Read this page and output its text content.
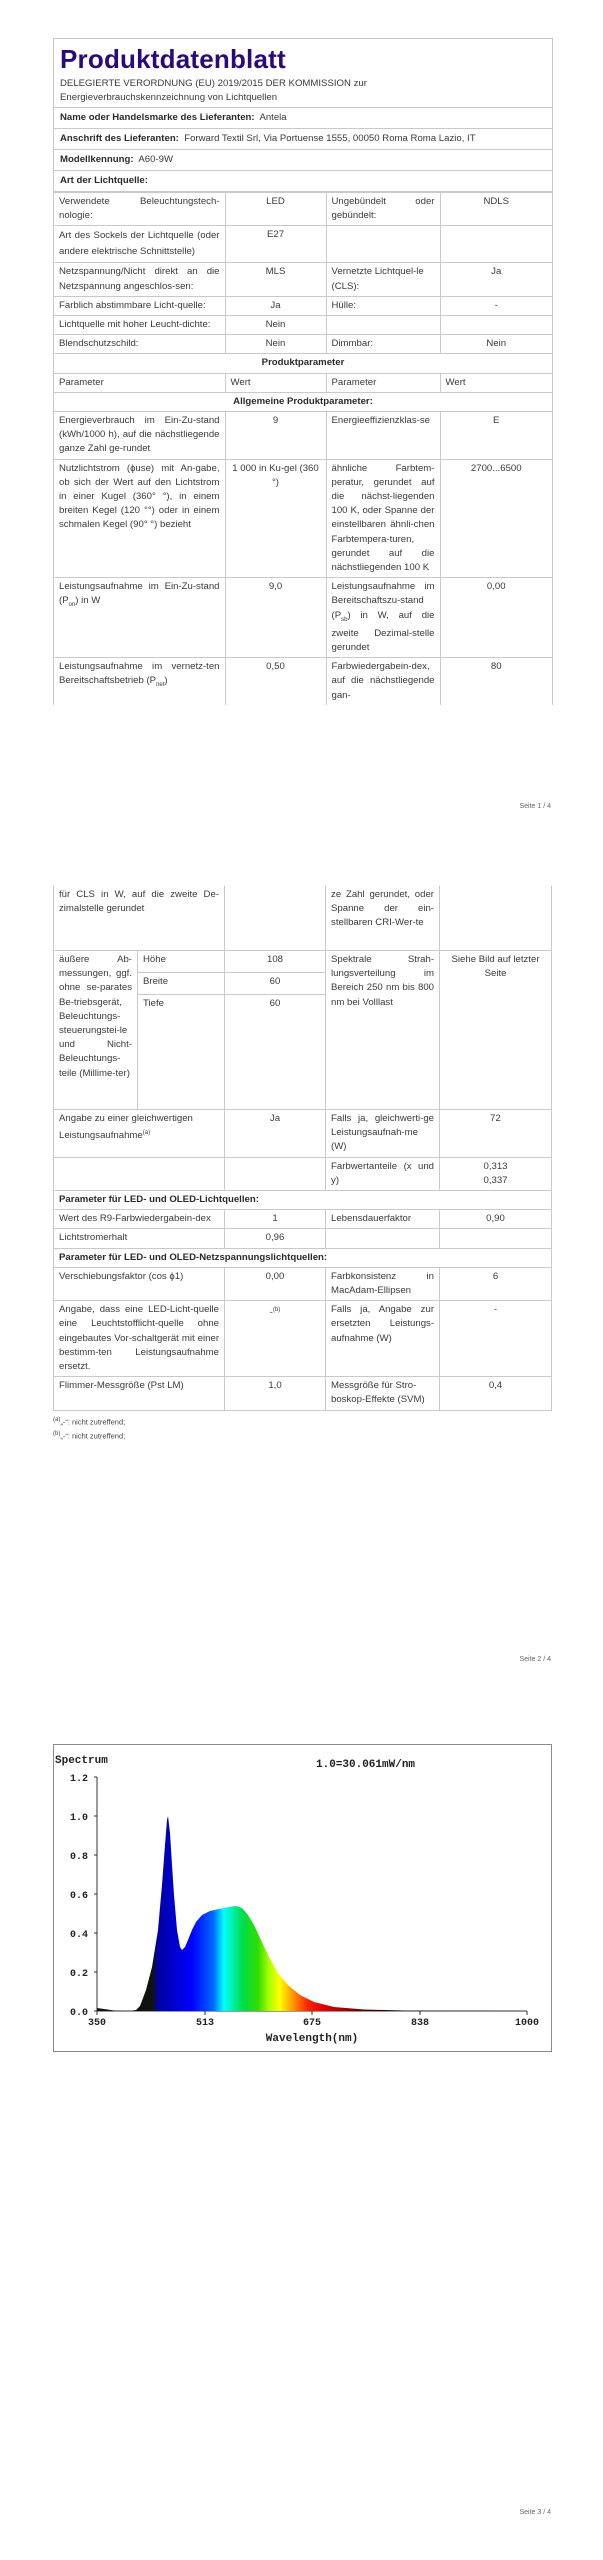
Produktdatenblatt
DELEGIERTE VERORDNUNG (EU) 2019/2015 DER KOMMISSION zur
Energieverbrauchskennzeichnung von Lichtquellen
Name oder Handelsmarke des Lieferanten: Antela
Anschrift des Lieferanten: Forward Textil Srl, Via Portuense 1555, 00050 Roma Roma Lazio, IT
Modellkennung: A60-9W
Art der Lichtquelle:
Verwendete Beleuchtungstech-nologie:	LED	Ungebündelt oder gebündelt:	NDLS
Art des Sockels der Lichtquelle (oder andere elektrische Schnittstelle)	E27		
Netzspannung/Nicht direkt an die Netzspannung angeschlos-sen:	MLS	Vernetzte Lichtquel-le (CLS):	Ja
Farblich abstimmbare Licht-quelle:	Ja	Hülle:	-
Lichtquelle mit hoher Leucht-dichte:	Nein		
Blendschutzschild:	Nein	Dimmbar:	Nein
Produktparameter			
Parameter	Wert	Parameter	Wert
Allgemeine Produktparameter:			
Energieverbrauch im Ein-Zu-stand (kWh/1000 h), auf die nächstliegende ganze Zahl ge-rundet	9	Energieeffizienzklas-se	E
Nutzlichtstrom (ϕuse) mit An-gabe, ob sich der Wert auf den Lichtstrom in einer Kugel (360° °), in einem breiten Kegel (120 °°) oder in einem schmalen Kegel (90° °) bezieht	1 000 in Ku-gel (360 °)	ähnliche Farbtem-peratur, gerundet auf die nächst-liegenden 100 K, oder Spanne der einstellbaren ähnli-chen Farbtempera-turen, gerundet auf die nächstliegenden 100 K	2700...6500
Leistungsaufnahme im Ein-Zu-stand $(P_{on})$ in W	9,0	Leistungsaufnahme im Bereitschaftszu-stand $(P_{sb})$ in W, auf die zweite Dezimal-stelle gerundet	0,00
Leistungsaufnahme im vernetz-ten Bereitschaftsbetrieb $(P_{net})$	0,50	Farbwiedergabein-dex, auf die nächstliegende gan-	80
Seite 1 / 4
für CLS in W, auf die zweite De-zimalstelle gerundet			ze Zahl gerundet, oder Spanne der ein-stellbaren CRI-Wer-te	
äußere Ab-messungen, ggf. ohne se-parates Be-triebsgerät, Beleuchtungs-steuerungstei-le und Nicht-Beleuchtungs-teile (Millime-ter)	Höhe	108	Spektrale Strah-lungsverteilung im Bereich 250 nm bis 800 nm bei Volllast	Siehe Bild auf letzter Seite
	Breite	60		
	Tiefe	60		
Angabe zu einer gleichwertigen Leistungsaufnahme$^{(a)}$		Ja	Falls ja, gleichwerti-ge Leistungsaufnah-me (W)	72
			Farbwertanteile (x und y)	0,313
0,337

Parameter für LED- und OLED-Lichtquellen:				
Wert des R9-Farbwiedergabein-dex		1	Lebensdauerfaktor	0,90
Lichtstromerhalt		0,96		
Parameter für LED- und OLED-Netzspannungslichtquellen:				
Verschiebungsfaktor (cos ϕ1)		0,00	Farbkonsistenz in MacAdam-Ellipsen	6
Angabe, dass eine LED-Licht-quelle eine Leuchtstofflicht-quelle ohne eingebautes Vor-schaltgerät mit einer bestimm-ten Leistungsaufnahme ersetzt.		-$^{(b)}$	Falls ja, Angabe zur ersetzten Leistungs-aufnahme (W)	-
Flimmer-Messgröße (Pst LM)		1,0	Messgröße für Stro-boskop-Effekte (SVM)	0,4
$^{(a)}$„-“: nicht zutreffend;
$^{(b)}$„-“: nicht zutreffend;
Seite 2 / 4
Spectrum	1.0=30.061mW/nm
0.0
0.2
0.4
0.6
0.8
1.0
1.2
350	513	675	838	1000
Wavelength(nm)
Seite 3 / 4
